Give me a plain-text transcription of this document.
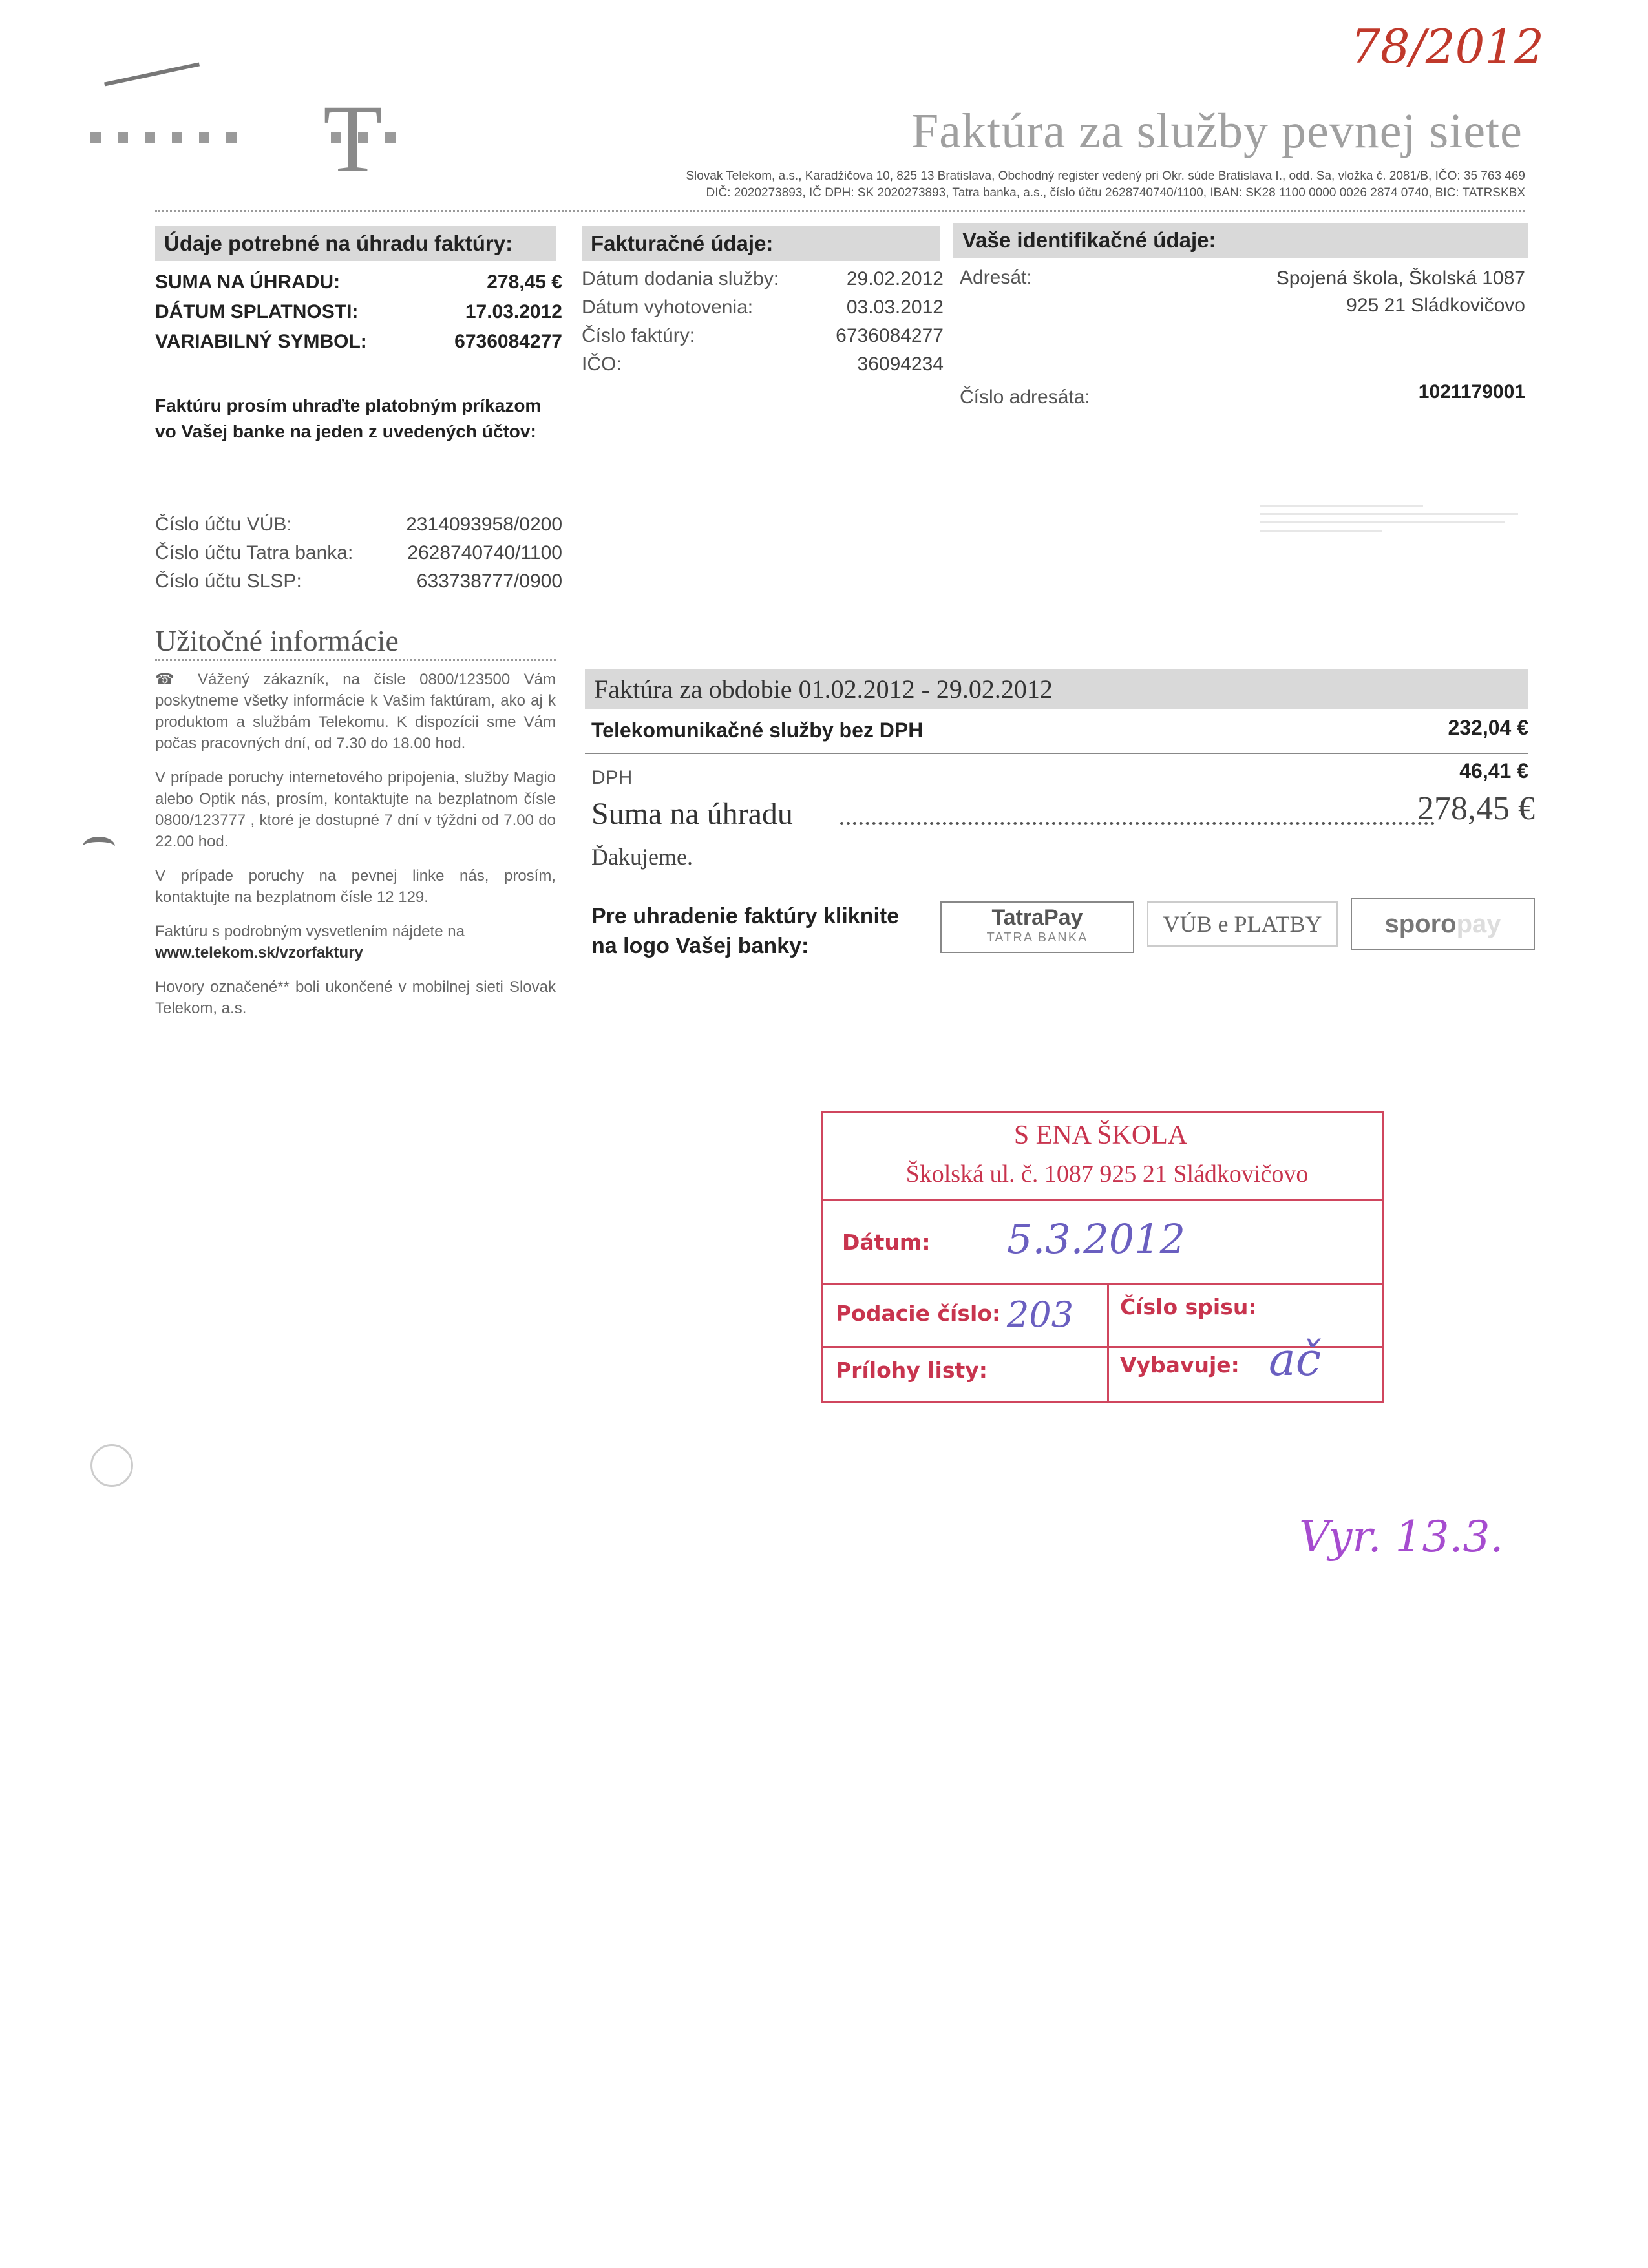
78/2012
T	Faktúra za služby pevnej siete
Slovak Telekom, a.s., Karadžičova 10, 825 13 Bratislava, Obchodný register vedený pri Okr. súde Bratislava I., odd. Sa, vložka č. 2081/B, IČO: 35 763 469
DIČ: 2020273893, IČ DPH: SK 2020273893, Tatra banka, a.s., číslo účtu 2628740740/1100, IBAN: SK28 1100 0000 0026 2874 0740, BIC: TATRSKBX
Údaje potrebné na úhradu faktúry:
SUMA NA ÚHRADU:	278,45 €
DÁTUM SPLATNOSTI:	17.03.2012
VARIABILNÝ SYMBOL:	6736084277
Faktúru prosím uhraďte platobným príkazom
vo Vašej banke na jeden z uvedených účtov:
Číslo účtu VÚB:	2314093958/0200
Číslo účtu Tatra banka:	2628740740/1100
Číslo účtu SLSP:	633738777/0900
Fakturačné údaje:
Dátum dodania služby:	29.02.2012
Dátum vyhotovenia:	03.03.2012
Číslo faktúry:	6736084277
IČO:	36094234
Vaše identifikačné údaje:
Adresát:	Spojená škola, Školská 1087
925 21 Sládkovičovo
Číslo adresáta:	1021179001
Užitočné informácie

☎ Vážený zákazník, na čísle 0800/123500 Vám poskytneme všetky informácie k Vašim faktúram, ako aj k produktom a službám Telekomu. K dispozícii sme Vám počas pracovných dní, od 7.30 do 18.00 hod.

V prípade poruchy internetového pripojenia, služby Magio alebo Optik nás, prosím, kontaktujte na bezplatnom čísle 0800/123777 , ktoré je dostupné 7 dní v týždni od 7.00 do 22.00 hod.

V prípade poruchy na pevnej linke nás, prosím, kontaktujte na bezplatnom čísle 12 129.

Faktúru s podrobným vysvetlením nájdete na

www.telekom.sk/vzorfaktury

Hovory označené** boli ukončené v mobilnej sieti Slovak Telekom, a.s.

Faktúra za obdobie 01.02.2012 - 29.02.2012
Telekomunikačné služby bez DPH	232,04 €
DPH	46,41 €
Suma na úhradu	278,45 €
Ďakujeme.
Pre uhradenie faktúry kliknite
na logo Vašej banky:
TatraPay
TATRA BANKA
VÚB e PLATBY	sporopay
S ENA ŠKOLA
Školská ul. č. 1087 925 21 Sládkovičovo
Dátum: 5.3.2012
Podacie číslo: 203 Číslo spisu:
Prílohy listy:	Vybavuje: ač
Vyr. 13.3.
